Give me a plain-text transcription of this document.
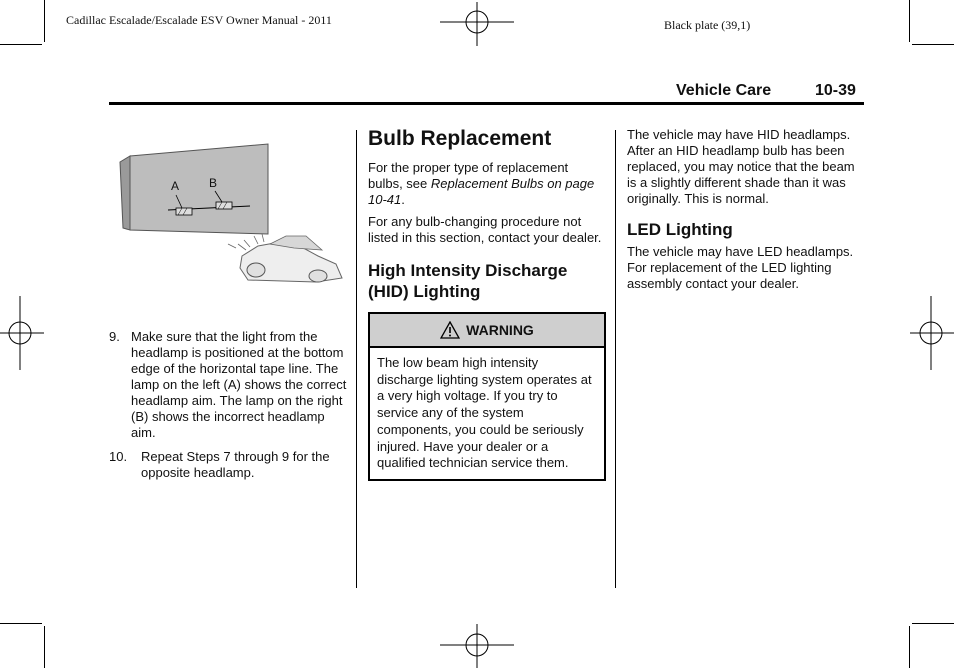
Cadillac Escalade/Escalade ESV Owner Manual - 2011	Black plate (39,1)
Vehicle Care	10-39
A B
9. Make sure that the light from the headlamp is positioned at the bottom edge of the horizontal tape line. The lamp on the left (A) shows the correct headlamp aim. The lamp on the right (B) shows the incorrect headlamp aim.

10. Repeat Steps 7 through 9 for the opposite headlamp.

Bulb Replacement

For the proper type of replacement bulbs, see Replacement Bulbs on page 10-41.

For any bulb-changing procedure not listed in this section, contact your dealer.

High Intensity Discharge (HID) Lighting
WARNING

The low beam high intensity discharge lighting system operates at a very high voltage. If you try to service any of the system components, you could be seriously injured. Have your dealer or a qualified technician service them.

The vehicle may have HID headlamps. After an HID headlamp bulb has been replaced, you may notice that the beam is a slightly different shade than it was originally. This is normal.

LED Lighting

The vehicle may have LED headlamps. For replacement of the LED lighting assembly contact your dealer.
